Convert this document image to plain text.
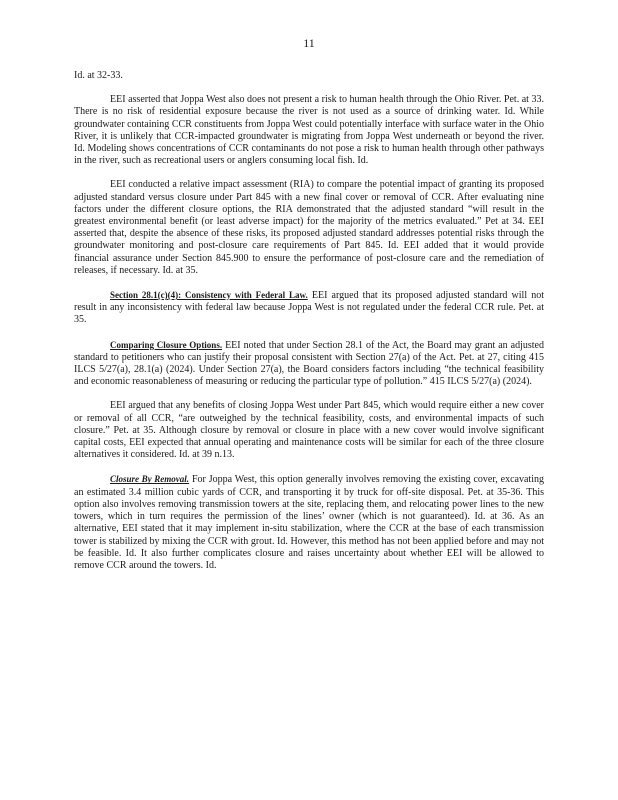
11

Id. at 32-33.

EEI asserted that Joppa West also does not present a risk to human health through the Ohio River. Pet. at 33. There is no risk of residential exposure because the river is not used as a source of drinking water. Id. While groundwater containing CCR constituents from Joppa West could potentially interface with surface water in the Ohio River, it is unlikely that CCR-impacted groundwater is migrating from Joppa West underneath or beyond the river. Id. Modeling shows concentrations of CCR contaminants do not pose a risk to human health through other pathways in the river, such as recreational users or anglers consuming local fish. Id.

EEI conducted a relative impact assessment (RIA) to compare the potential impact of granting its proposed adjusted standard versus closure under Part 845 with a new final cover or removal of CCR. After evaluating nine factors under the different closure options, the RIA demonstrated that the adjusted standard “will result in the greatest environmental benefit (or least adverse impact) for the majority of the metrics evaluated.” Pet at 34. EEI asserted that, despite the absence of these risks, its proposed adjusted standard addresses potential risks through the groundwater monitoring and post-closure care requirements of Part 845. Id. EEI added that it would provide financial assurance under Section 845.900 to ensure the performance of post-closure care and the remediation of releases, if necessary. Id. at 35.

Section 28.1(c)(4): Consistency with Federal Law. EEI argued that its proposed adjusted standard will not result in any inconsistency with federal law because Joppa West is not regulated under the federal CCR rule. Pet. at 35.

Comparing Closure Options. EEI noted that under Section 28.1 of the Act, the Board may grant an adjusted standard to petitioners who can justify their proposal consistent with Section 27(a) of the Act. Pet. at 27, citing 415 ILCS 5/27(a), 28.1(a) (2024). Under Section 27(a), the Board considers factors including “the technical feasibility and economic reasonableness of measuring or reducing the particular type of pollution.” 415 ILCS 5/27(a) (2024).

EEI argued that any benefits of closing Joppa West under Part 845, which would require either a new cover or removal of all CCR, “are outweighed by the technical feasibility, costs, and environmental impacts of such closure.” Pet. at 35. Although closure by removal or closure in place with a new cover would involve significant capital costs, EEI expected that annual operating and maintenance costs will be similar for each of the three closure alternatives it considered. Id. at 39 n.13.

Closure By Removal. For Joppa West, this option generally involves removing the existing cover, excavating an estimated 3.4 million cubic yards of CCR, and transporting it by truck for off-site disposal. Pet. at 35-36. This option also involves removing transmission towers at the site, replacing them, and relocating power lines to the new towers, which in turn requires the permission of the lines’ owner (which is not guaranteed). Id. at 36. As an alternative, EEI stated that it may implement in-situ stabilization, where the CCR at the base of each transmission tower is stabilized by mixing the CCR with grout. Id. However, this method has not been applied before and may not be feasible. Id. It also further complicates closure and raises uncertainty about whether EEI will be allowed to remove CCR around the towers. Id.
